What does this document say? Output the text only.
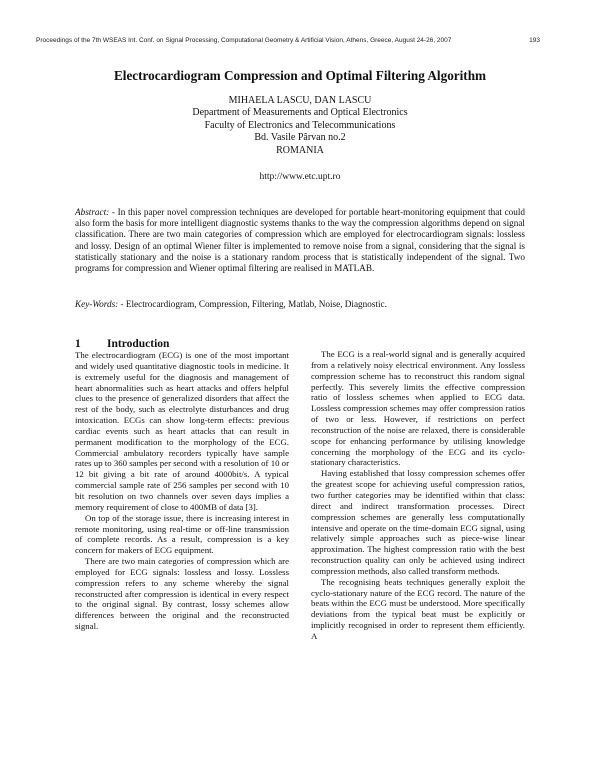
Proceedings of the 7th WSEAS Int. Conf. on Signal Processing, Computational Geometry & Artificial Vision, Athens, Greece, August 24-26, 2007	193
Electrocardiogram Compression and Optimal Filtering Algorithm
MIHAELA LASCU, DAN LASCU
Department of Measurements and Optical Electronics
Faculty of Electronics and Telecommunications
Bd. Vasile Pârvan no.2
ROMANIA
http://www.etc.upt.ro
Abstract: - In this paper novel compression techniques are developed for portable heart-monitoring equipment that could also form the basis for more intelligent diagnostic systems thanks to the way the compression algorithms depend on signal classification. There are two main categories of compression which are employed for electrocardiogram signals: lossless and lossy. Design of an optimal Wiener filter is implemented to remove noise from a signal, considering that the signal is statistically stationary and the noise is a stationary random process that is statistically independent of the signal. Two programs for compression and Wiener optimal filtering are realised in MATLAB.
Key-Words: - Electrocardiogram, Compression, Filtering, Matlab, Noise, Diagnostic.
1 Introduction

The electrocardiogram (ECG) is one of the most important and widely used quantitative diagnostic tools in medicine. It is extremely useful for the diagnosis and management of heart abnormalities such as heart attacks and offers helpful clues to the presence of generalized disorders that affect the rest of the body, such as electrolyte disturbances and drug intoxication. ECGs can show long-term effects: previous cardiac events such as heart attacks that can result in permanent modification to the morphology of the ECG. Commercial ambulatory recorders typically have sample rates up to 360 samples per second with a resolution of 10 or 12 bit giving a bit rate of around 4000bit/s. A typical commercial sample rate of 256 samples per second with 10 bit resolution on two channels over seven days implies a memory requirement of close to 400MB of data [3].

On top of the storage issue, there is increasing interest in remote monitoring, using real-time or off-line transmission of complete records. As a result, compression is a key concern for makers of ECG equipment.

There are two main categories of compression which are employed for ECG signals: lossless and lossy. Lossless compression refers to any scheme whereby the signal reconstructed after compression is identical in every respect to the original signal. By contrast, lossy schemes allow differences between the original and the reconstructed signal.

The ECG is a real-world signal and is generally acquired from a relatively noisy electrical environment. Any lossless compression scheme has to reconstruct this random signal perfectly. This severely limits the effective compression ratio of lossless schemes when applied to ECG data. Lossless compression schemes may offer compression ratios of two or less. However, if restrictions on perfect reconstruction of the noise are relaxed, there is considerable scope for enhancing performance by utilising knowledge concerning the morphology of the ECG and its cyclo-stationary characteristics.

Having established that lossy compression schemes offer the greatest scope for achieving useful compression ratios, two further categories may be identified within that class: direct and indirect transformation processes. Direct compression schemes are generally less computationally intensive and operate on the time-domain ECG signal, using relatively simple approaches such as piece-wise linear approximation. The highest compression ratio with the best reconstruction quality can only be achieved using indirect compression methods, also called transform methods.

The recognising beats techniques generally exploit the cyclo-stationary nature of the ECG record. The nature of the beats within the ECG must be understood. More specifically deviations from the typical beat must be explicitly or implicitly recognised in order to represent them efficiently. A
